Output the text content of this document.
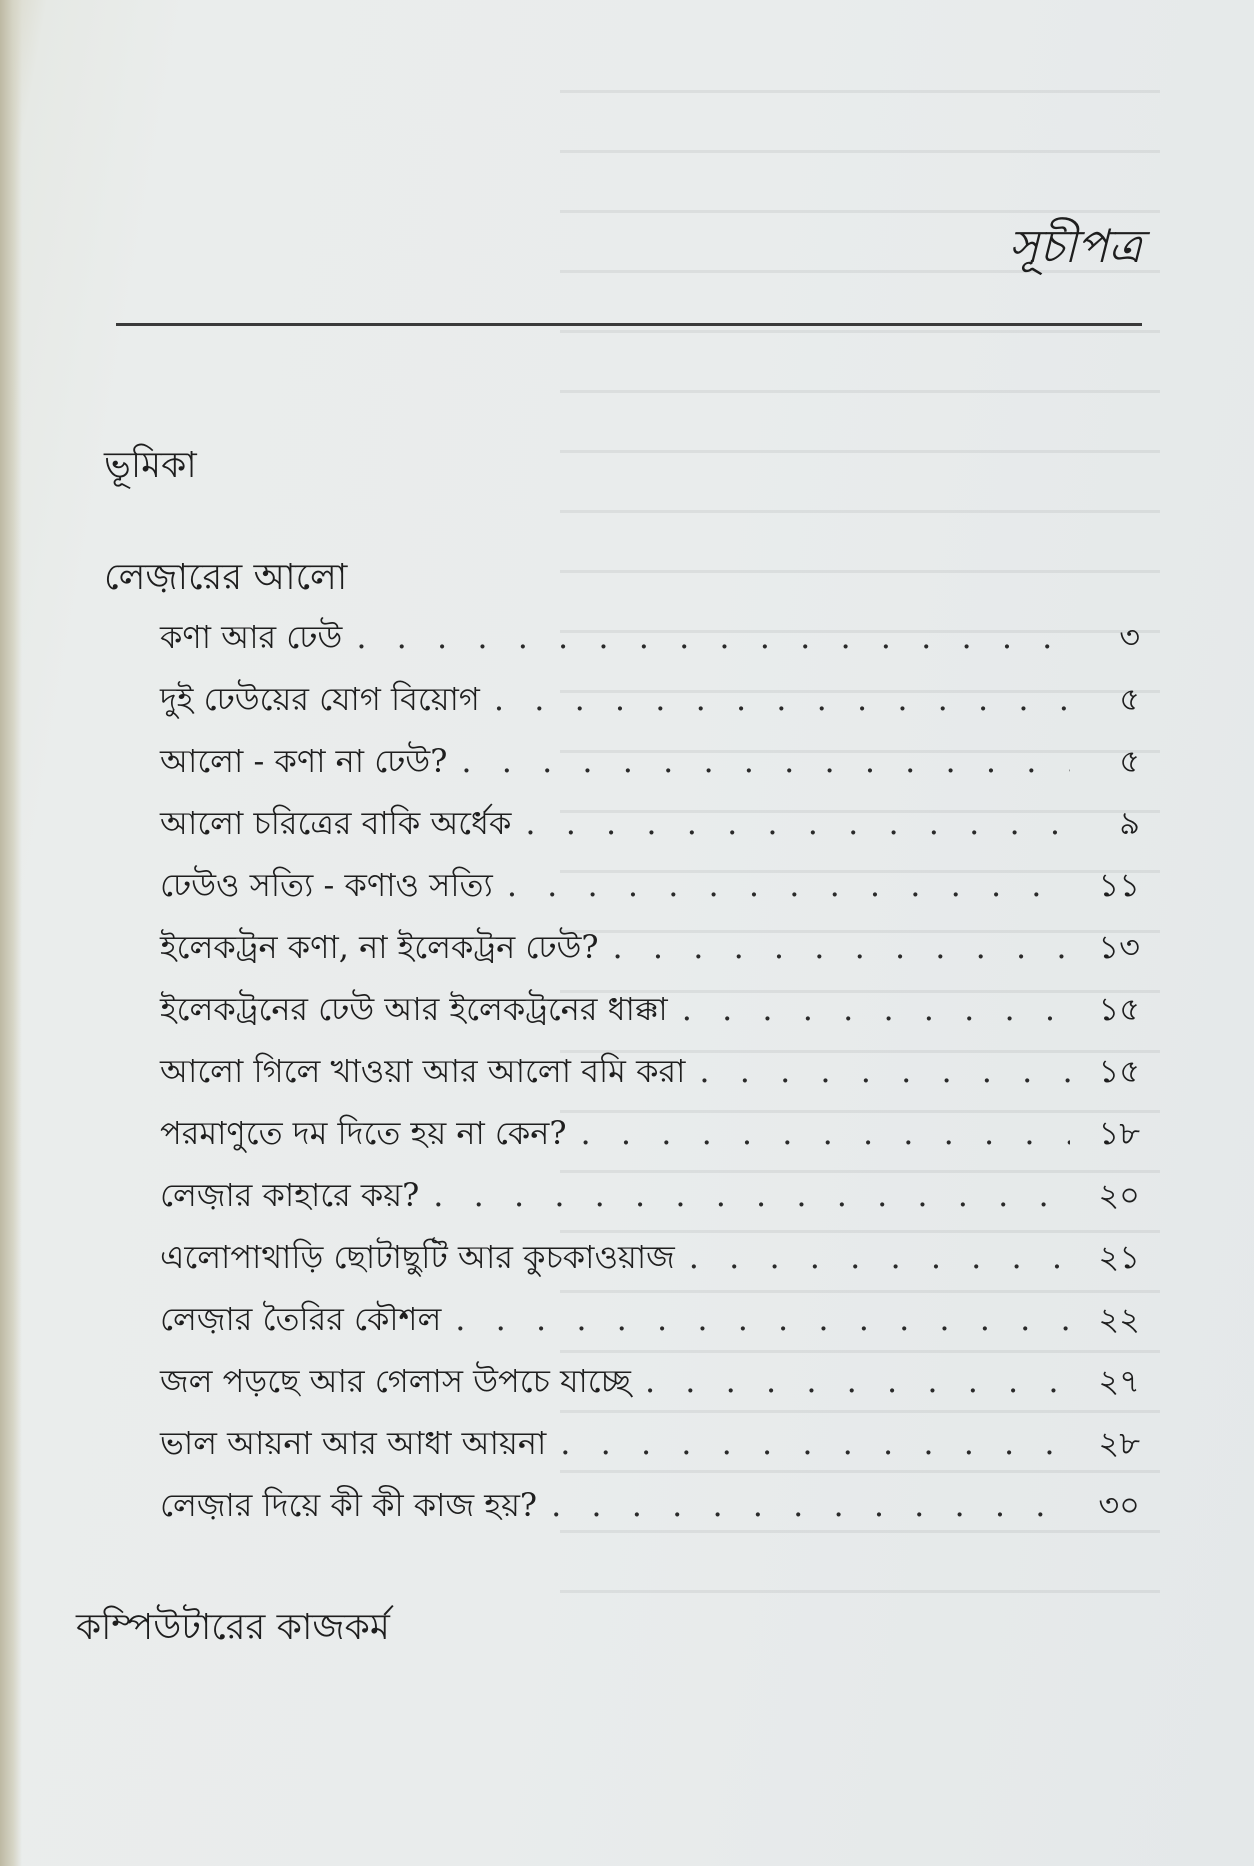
সূচীপত্র
ভূমিকা
লেজ়ারের আলো
কণা আর ঢেউ . . .	৩
দুই ঢেউয়ের যোগ বিয়োগ . . .	৫
আলো - কণা না ঢেউ? . . .	৫
আলো চরিত্রের বাকি অর্ধেক . . .	৯
ঢেউও সত্যি - কণাও সত্যি . . .	১১
ইলেকট্রন কণা, না ইলেকট্রন ঢেউ? . . .	১৩
ইলেকট্রনের ঢেউ আর ইলেকট্রনের ধাক্কা . . .	১৫
আলো গিলে খাওয়া আর আলো বমি করা . . .	১৫
পরমাণুতে দম দিতে হয় না কেন? . . .	১৮
লেজ়ার কাহারে কয়? . . .	২০
এলোপাথাড়ি ছোটাছুটি আর কুচকাওয়াজ . . .	২১
লেজ়ার তৈরির কৌশল . . .	২২
জল পড়ছে আর গেলাস উপচে যাচ্ছে . . .	২৭
ভাল আয়না আর আধা আয়না . . .	২৮
লেজ়ার দিয়ে কী কী কাজ হয়? . . .	৩০
কম্পিউটারের কাজকর্ম
